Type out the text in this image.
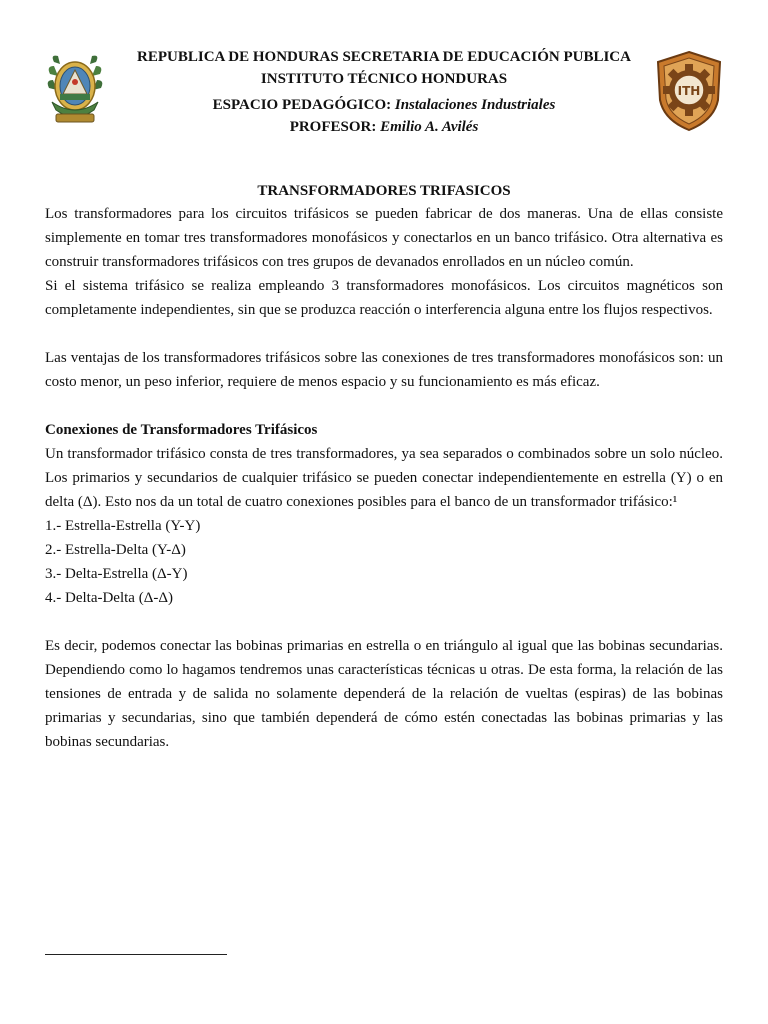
ITH
REPUBLICA DE HONDURAS SECRETARIA DE EDUCACIÓN PUBLICA
INSTITUTO TÉCNICO HONDURAS
ESPACIO PEDAGÓGICO: Instalaciones Industriales
PROFESOR: Emilio A. Avilés
TRANSFORMADORES TRIFASICOS

Los transformadores para los circuitos trifásicos se pueden fabricar de dos maneras. Una de ellas consiste simplemente en tomar tres transformadores monofásicos y conectarlos en un banco trifásico. Otra alternativa es construir transformadores trifásicos con tres grupos de devanados enrollados en un núcleo común.

Si el sistema trifásico se realiza empleando 3 transformadores monofásicos. Los circuitos magnéticos son completamente independientes, sin que se produzca reacción o interferencia alguna entre los flujos respectivos.

Las ventajas de los transformadores trifásicos sobre las conexiones de tres transformadores monofásicos son: un costo menor, un peso inferior, requiere de menos espacio y su funcionamiento es más eficaz.

Conexiones de Transformadores Trifásicos

Un transformador trifásico consta de tres transformadores, ya sea separados o combinados sobre un solo núcleo. Los primarios y secundarios de cualquier trifásico se pueden conectar independientemente en estrella (Y) o en delta (Δ). Esto nos da un total de cuatro conexiones posibles para el banco de un transformador trifásico:¹

1.- Estrella-Estrella (Y-Y)

2.- Estrella-Delta (Y-Δ)

3.- Delta-Estrella (Δ-Y)

4.- Delta-Delta (Δ-Δ)

Es decir, podemos conectar las bobinas primarias en estrella o en triángulo al igual que las bobinas secundarias. Dependiendo como lo hagamos tendremos unas características técnicas u otras. De esta forma, la relación de las tensiones de entrada y de salida no solamente dependerá de la relación de vueltas (espiras) de las bobinas primarias y secundarias, sino que también dependerá de cómo estén conectadas las bobinas primarias y las bobinas secundarias.
